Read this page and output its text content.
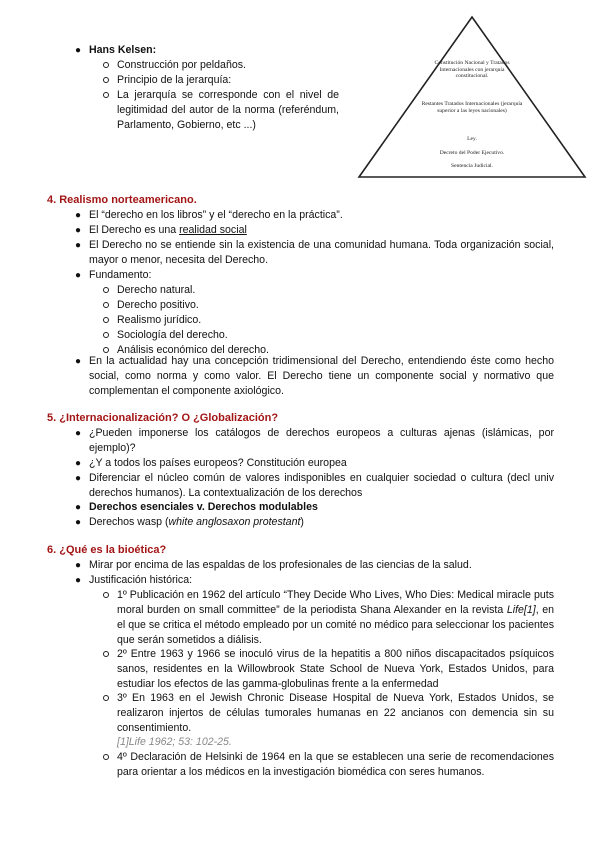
● Hans Kelsen:
Construcción por peldaños.
Principio de la jerarquía:
La jerarquía se corresponde con el nivel de legitimidad del autor de la norma (referéndum, Parlamento, Gobierno, etc ...)
Constitución Nacional y Tratados Internacionales con jerarquía constitucional.
Restantes Tratados Internacionales (jerarquía superior a las leyes nacionales)
Ley.
Decreto del Poder Ejecutivo.
Sentencia Judicial.
4. Realismo norteamericano.
● El “derecho en los libros” y el “derecho en la práctica”.
● El Derecho es una realidad social
● El Derecho no se entiende sin la existencia de una comunidad humana. Toda organización social, mayor o menor, necesita del Derecho.
● Fundamento:
Derecho natural.
Derecho positivo.
Realismo jurídico.
Sociología del derecho.
Análisis económico del derecho.
● En la actualidad hay una concepción tridimensional del Derecho, entendiendo éste como hecho social, como norma y como valor. El Derecho tiene un componente social y normativo que complementan el componente axiológico.
5. ¿Internacionalización? O ¿Globalización?
● ¿Pueden imponerse los catálogos de derechos europeos a culturas ajenas (islámicas, por ejemplo)?
● ¿Y a todos los países europeos? Constitución europea
● Diferenciar el núcleo común de valores indisponibles en cualquier sociedad o cultura (decl univ derechos humanos). La contextualización de los derechos
● Derechos esenciales v. Derechos modulables
● Derechos wasp (white anglosaxon protestant)
6. ¿Qué es la bioética?
● Mirar por encima de las espaldas de los profesionales de las ciencias de la salud.
● Justificación histórica:
1º Publicación en 1962 del artículo “They Decide Who Lives, Who Dies: Medical miracle puts moral burden on small committee” de la periodista Shana Alexander en la revista Life[1], en el que se critica el método empleado por un comité no médico para seleccionar los pacientes que serán sometidos a diálisis.
2º Entre 1963 y 1966 se inoculó virus de la hepatitis a 800 niños discapacitados psíquicos sanos, residentes en la Willowbrook State School de Nueva York, Estados Unidos, para estudiar los efectos de las gamma-globulinas frente a la enfermedad
3º En 1963 en el Jewish Chronic Disease Hospital de Nueva York, Estados Unidos, se realizaron injertos de células tumorales humanas en 22 ancianos con demencia sin su consentimiento.
[1]Life 1962; 53: 102-25.
4º Declaración de Helsinki de 1964 en la que se establecen una serie de recomendaciones para orientar a los médicos en la investigación biomédica con seres humanos.
